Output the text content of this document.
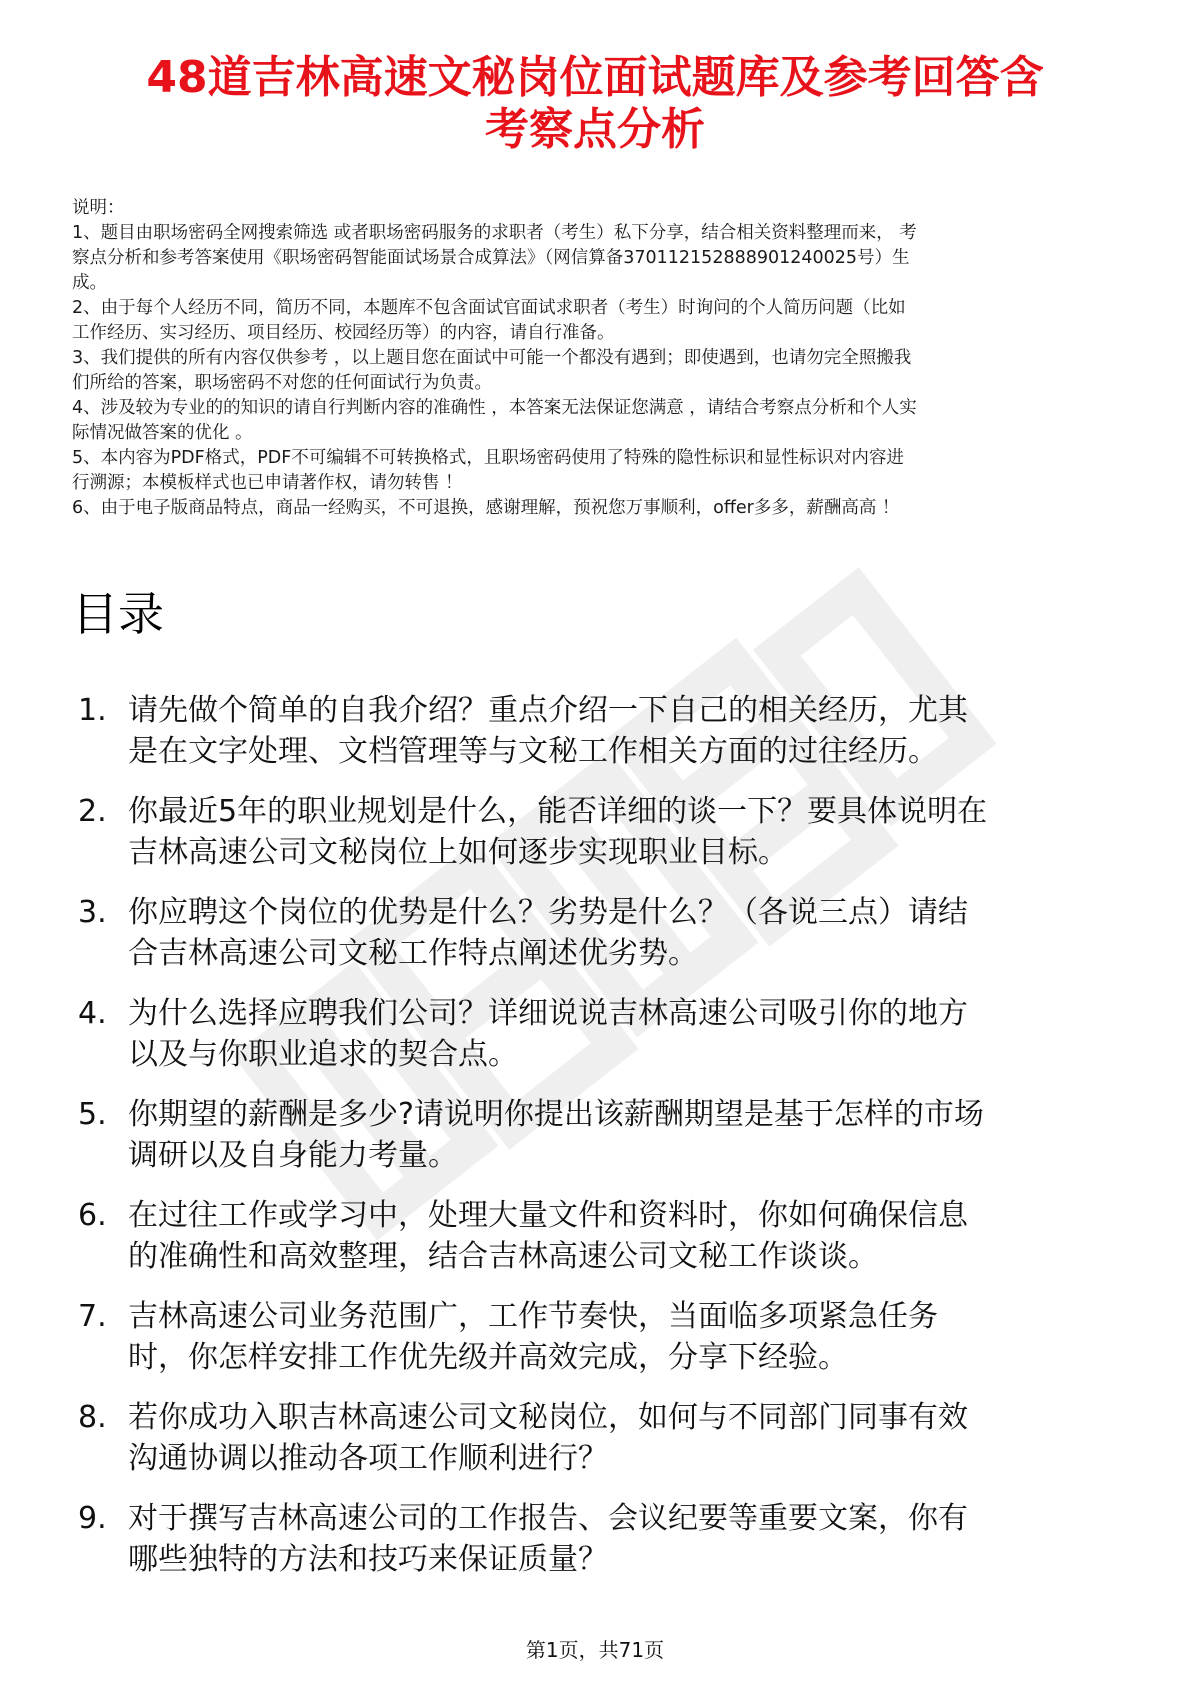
48道吉林高速文秘岗位面试题库及参考回答含
考察点分析
说明：
1、题目由职场密码全网搜索筛选 或者职场密码服务的求职者（考生）私下分享，结合相关资料整理而来， 考
察点分析和参考答案使用《职场密码智能面试场景合成算法》（网信算备370112152888901240025号）生
成。
2、由于每个人经历不同，简历不同，本题库不包含面试官面试求职者（考生）时询问的个人简历问题（比如
工作经历、实习经历、项目经历、校园经历等）的内容，请自行准备。
3、我们提供的所有内容仅供参考 ，以上题目您在面试中可能一个都没有遇到；即使遇到，也请勿完全照搬我
们所给的答案，职场密码不对您的任何面试行为负责。
4、涉及较为专业的的知识的请自行判断内容的准确性 ，本答案无法保证您满意 ，请结合考察点分析和个人实
际情况做答案的优化 。
5、本内容为PDF格式，PDF不可编辑不可转换格式，且职场密码使用了特殊的隐性标识和显性标识对内容进
行溯源；本模板样式也已申请著作权，请勿转售 ！
6、由于电子版商品特点，商品一经购买，不可退换，感谢理解，预祝您万事顺利，offer多多，薪酬高高 ！
目录
1. 请先做个简单的自我介绍？重点介绍一下自己的相关经历，尤其
是在文字处理、文档管理等与文秘工作相关方面的过往经历。
2. 你最近5年的职业规划是什么，能否详细的谈一下？要具体说明在
吉林高速公司文秘岗位上如何逐步实现职业目标。
3. 你应聘这个岗位的优势是什么？劣势是什么？（各说三点）请结
合吉林高速公司文秘工作特点阐述优劣势。
4. 为什么选择应聘我们公司？详细说说吉林高速公司吸引你的地方
以及与你职业追求的契合点。
5. 你期望的薪酬是多少?请说明你提出该薪酬期望是基于怎样的市场
调研以及自身能力考量。
6. 在过往工作或学习中，处理大量文件和资料时，你如何确保信息
的准确性和高效整理，结合吉林高速公司文秘工作谈谈。
7. 吉林高速公司业务范围广，工作节奏快，当面临多项紧急任务
时，你怎样安排工作优先级并高效完成，分享下经验。
8. 若你成功入职吉林高速公司文秘岗位，如何与不同部门同事有效
沟通协调以推动各项工作顺利进行？
9. 对于撰写吉林高速公司的工作报告、会议纪要等重要文案，你有
哪些独特的方法和技巧来保证质量？
第1页，共71页
